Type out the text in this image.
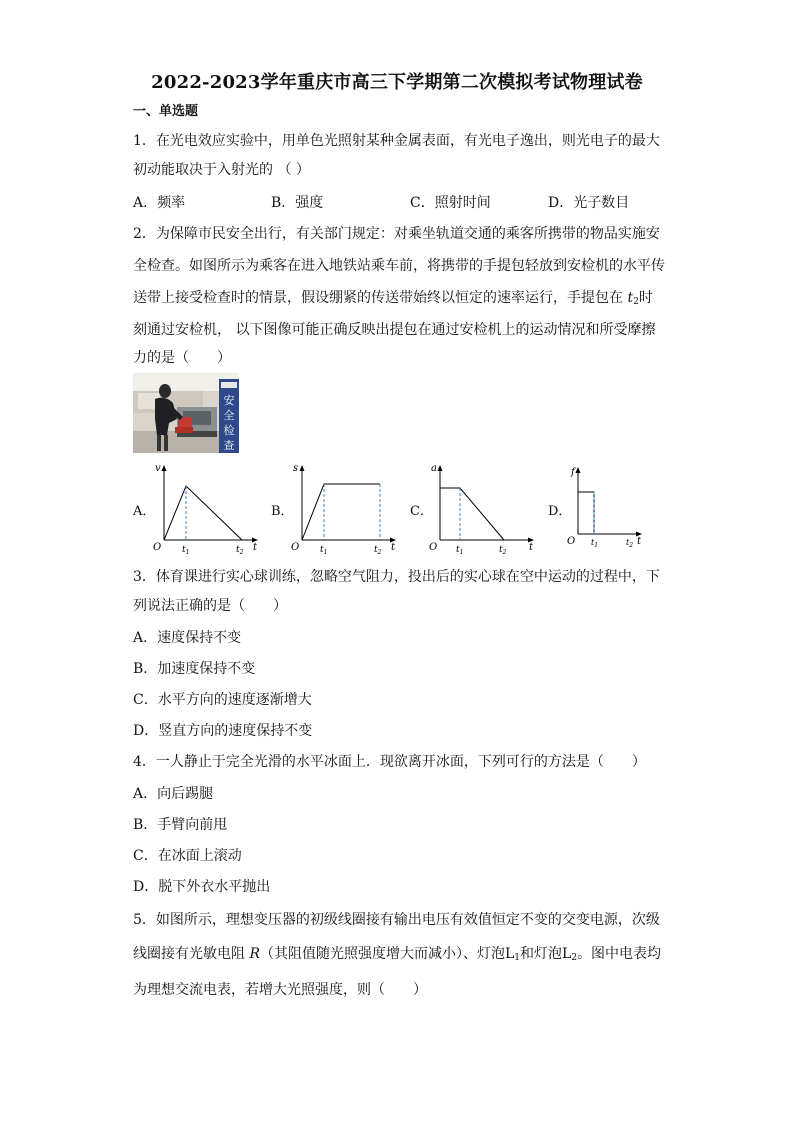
2022-2023学年重庆市高三下学期第二次模拟考试物理试卷
一、单选题
1．在光电效应实验中，用单色光照射某种金属表面，有光电子逸出，则光电子的最大
初动能取决于入射光的 （ ）
A．频率	B．强度	C．照射时间	D．光子数目
2．为保障市民安全出行，有关部门规定：对乘坐轨道交通的乘客所携带的物品实施安
全检查。如图所示为乘客在进入地铁站乘车前，将携带的手提包轻放到安检机的水平传
送带上接受检查时的情景，假设绷紧的传送带始终以恒定的速率运行，手提包在 $t_2$时
刻通过安检机， 以下图像可能正确反映出提包在通过安检机上的运动情况和所受摩擦
力的是（　　）
安
全
检
查
A．	B．	C．	D．
v
t
O $t_1$	$t_2$
s
t
O $t_1$	$t_2$
a
t
O $t_1$	$t_2$
f
t
O $t_1$	$t_2$
3．体育课进行实心球训练，忽略空气阻力，投出后的实心球在空中运动的过程中，下
列说法正确的是（　　）
A．速度保持不变
B．加速度保持不变
C．水平方向的速度逐渐增大
D．竖直方向的速度保持不变
4．一人静止于完全光滑的水平冰面上．现欲离开冰面，下列可行的方法是（　　）
A．向后踢腿
B．手臂向前甩
C．在冰面上滚动
D．脱下外衣水平抛出
5．如图所示，理想变压器的初级线圈接有输出电压有效值恒定不变的交变电源，次级
线圈接有光敏电阻 R（其阻值随光照强度增大而减小）、灯泡$L_1$和灯泡$L_2$。图中电表均
为理想交流电表，若增大光照强度，则（　　）
